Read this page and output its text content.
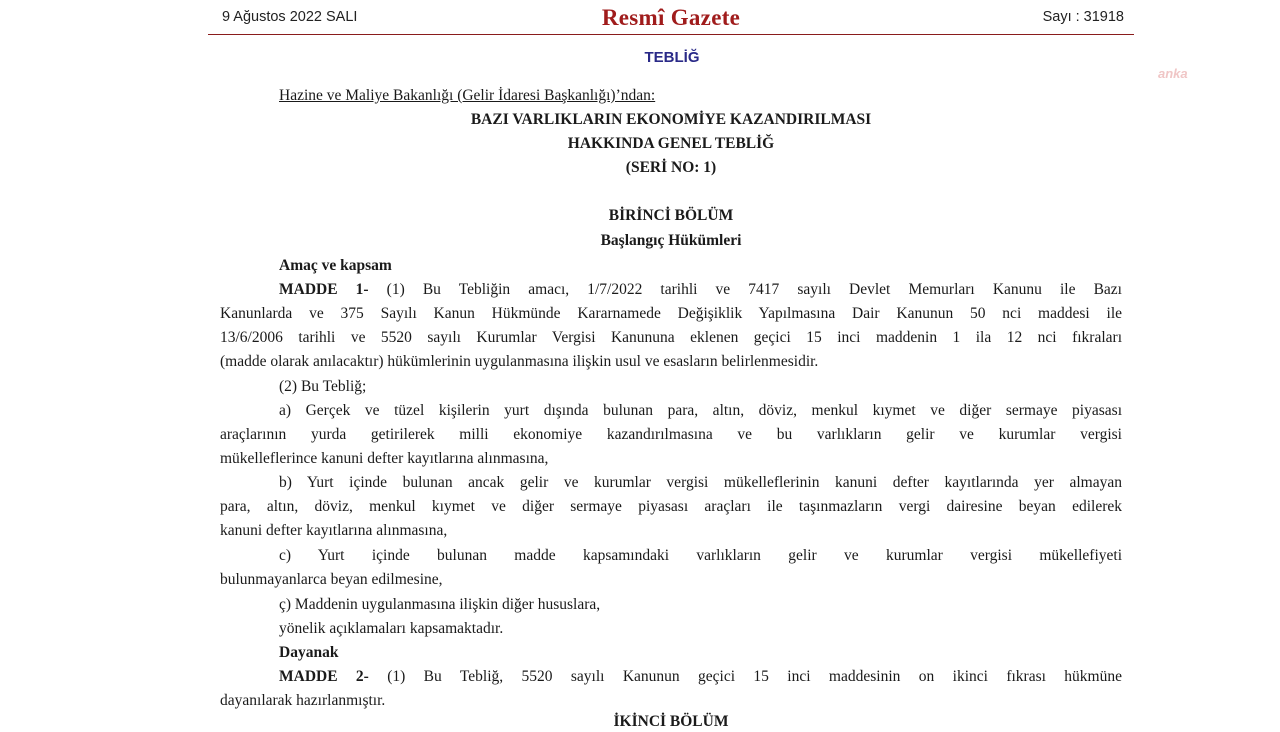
9 Ağustos 2022 SALI	Resmî Gazete	Sayı : 31918
TEBLİĞ
anka
Hazine ve Maliye Bakanlığı (Gelir İdaresi Başkanlığı)’ndan:
BAZI VARLIKLARIN EKONOMİYE KAZANDIRILMASI
HAKKINDA GENEL TEBLİĞ
(SERİ NO: 1)
BİRİNCİ BÖLÜM
Başlangıç Hükümleri
Amaç ve kapsam
MADDE 1- (1) Bu Tebliğin amacı, 1/7/2022 tarihli ve 7417 sayılı Devlet Memurları Kanunu ile Bazı
Kanunlarda ve 375 Sayılı Kanun Hükmünde Kararnamede Değişiklik Yapılmasına Dair Kanunun 50 nci maddesi ile
13/6/2006 tarihli ve 5520 sayılı Kurumlar Vergisi Kanununa eklenen geçici 15 inci maddenin 1 ila 12 nci fıkraları
(madde olarak anılacaktır) hükümlerinin uygulanmasına ilişkin usul ve esasların belirlenmesidir.
(2) Bu Tebliğ;
a) Gerçek ve tüzel kişilerin yurt dışında bulunan para, altın, döviz, menkul kıymet ve diğer sermaye piyasası
araçlarının yurda getirilerek milli ekonomiye kazandırılmasına ve bu varlıkların gelir ve kurumlar vergisi
mükelleflerince kanuni defter kayıtlarına alınmasına,
b) Yurt içinde bulunan ancak gelir ve kurumlar vergisi mükelleflerinin kanuni defter kayıtlarında yer almayan
para, altın, döviz, menkul kıymet ve diğer sermaye piyasası araçları ile taşınmazların vergi dairesine beyan edilerek
kanuni defter kayıtlarına alınmasına,
c) Yurt içinde bulunan madde kapsamındaki varlıkların gelir ve kurumlar vergisi mükellefiyeti
bulunmayanlarca beyan edilmesine,
ç) Maddenin uygulanmasına ilişkin diğer hususlara,
yönelik açıklamaları kapsamaktadır.
Dayanak
MADDE 2- (1) Bu Tebliğ, 5520 sayılı Kanunun geçici 15 inci maddesinin on ikinci fıkrası hükmüne
dayanılarak hazırlanmıştır.
İKİNCİ BÖLÜM
